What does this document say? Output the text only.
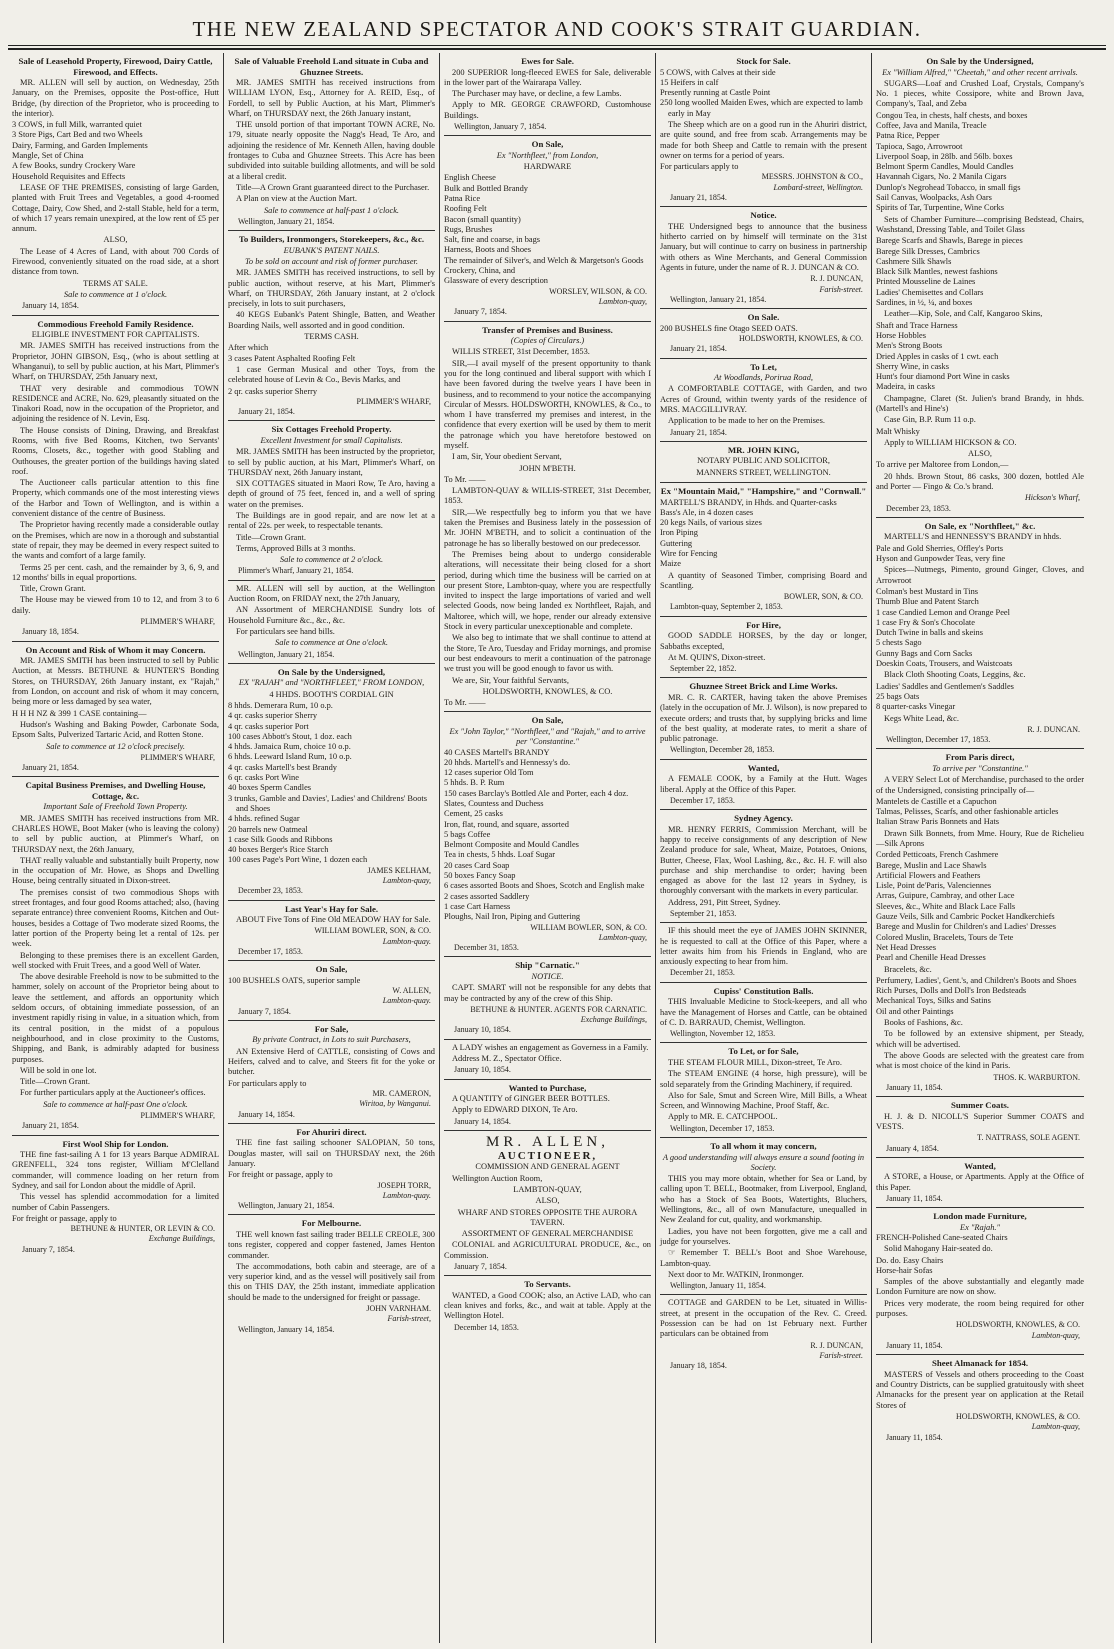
THE NEW ZEALAND SPECTATOR AND COOK'S STRAIT GUARDIAN.
Sale of Leasehold Property, Firewood, Dairy Cattle, Firewood, and Effects.
MR. ALLEN will sell by auction, on Wednesday, 25th January, on the Premises, opposite the Post-office, Hutt Bridge, (by direction of the Proprietor, who is proceeding to the interior).
3 COWS, in full Milk, warranted quiet
3 Store Pigs, Cart Bed and two Wheels
Dairy, Farming, and Garden Implements
Mangle, Set of China
A few Books, sundry Crockery Ware
Household Requisites and Effects
LEASE OF THE PREMISES, consisting of large Garden, planted with Fruit Trees and Vegetables, a good 4-roomed Cottage, Dairy, Cow Shed, and 2-stall Stable, held for a term, of which 17 years remain unexpired, at the low rent of £5 per annum.
ALSO,
The Lease of 4 Acres of Land, with about 700 Cords of Firewood, conveniently situated on the road side, at a short distance from town.
TERMS AT SALE.
Sale to commence at 1 o'clock.
January 14, 1854.
Commodious Freehold Family Residence.
ELIGIBLE INVESTMENT FOR CAPITALISTS.
MR. JAMES SMITH has received instructions from the Proprietor, JOHN GIBSON, Esq., (who is about settling at Whanganui), to sell by public auction, at his Mart, Plimmer's Wharf, on THURSDAY, 25th January next,
THAT very desirable and commodious TOWN RESIDENCE and ACRE, No. 629, pleasantly situated on the Tinakori Road, now in the occupation of the Proprietor, and adjoining the residence of N. Levin, Esq.
The House consists of Dining, Drawing, and Breakfast Rooms, with five Bed Rooms, Kitchen, two Servants' Rooms, Closets, &c., together with good Stabling and Outhouses, the greater portion of the buildings having slated roof.
The Auctioneer calls particular attention to this fine Property, which commands one of the most interesting views of the Harbor and Town of Wellington, and is within a convenient distance of the centre of Business.
The Proprietor having recently made a considerable outlay on the Premises, which are now in a thorough and substantial state of repair, they may be deemed in every respect suited to the wants and comfort of a large family.
Terms 25 per cent. cash, and the remainder by 3, 6, 9, and 12 months' bills in equal proportions.
Title, Crown Grant.
The House may be viewed from 10 to 12, and from 3 to 6 daily.
PLIMMER'S WHARF,
January 18, 1854.
On Account and Risk of Whom it may Concern.
MR. JAMES SMITH has been instructed to sell by Public Auction, at Messrs. BETHUNE & HUNTER'S Bonding Stores, on THURSDAY, 26th January instant, ex "Rajah," from London, on account and risk of whom it may concern, being more or less damaged by sea water,
H H H NZ & 399 1 CASE containing—
Hudson's Washing and Baking Powder, Carbonate Soda, Epsom Salts, Pulverized Tartaric Acid, and Rotten Stone.
Sale to commence at 12 o'clock precisely.
PLIMMER'S WHARF,
January 21, 1854.
Capital Business Premises, and Dwelling House, Cottage, &c.
Important Sale of Freehold Town Property.
MR. JAMES SMITH has received instructions from MR. CHARLES HOWE, Boot Maker (who is leaving the colony) to sell by public auction, at Plimmer's Wharf, on THURSDAY next, the 26th January,
THAT really valuable and substantially built Property, now in the occupation of Mr. Howe, as Shops and Dwelling House, being centrally situated in Dixon-street.
The premises consist of two commodious Shops with street frontages, and four good Rooms attached; also, (having separate entrance) three convenient Rooms, Kitchen and Out-houses, besides a Cottage of Two moderate sized Rooms, the latter portion of the Property being let a rental of 12s. per week.
Belonging to these premises there is an excellent Garden, well stocked with Fruit Trees, and a good Well of Water.
The above desirable Freehold is now to be submitted to the hammer, solely on account of the Proprietor being about to leave the settlement, and affords an opportunity which seldom occurs, of obtaining immediate possession, of an investment rapidly rising in value, in a situation which, from its central position, in the midst of a populous neighbourhood, and in close proximity to the Customs, Shipping, and Bank, is admirably adapted for business purposes.
Will be sold in one lot.
Title—Crown Grant.
For further particulars apply at the Auctioneer's offices.
Sale to commence at half-past One o'clock.
PLIMMER'S WHARF,
January 21, 1854.
First Wool Ship for London.
THE fine fast-sailing A 1 for 13 years Barque ADMIRAL GRENFELL, 324 tons register, William M'Clelland commander, will commence loading on her return from Sydney, and sail for London about the middle of April.
This vessel has splendid accommodation for a limited number of Cabin Passengers.
For freight or passage, apply to
BETHUNE & HUNTER, OR LEVIN & CO.
Exchange Buildings,
January 7, 1854.
Sale of Valuable Freehold Land situate in Cuba and Ghuznee Streets.
MR. JAMES SMITH has received instructions from WILLIAM LYON, Esq., Attorney for A. REID, Esq., of Fordell, to sell by Public Auction, at his Mart, Plimmer's Wharf, on THURSDAY next, the 26th January instant,
THE unsold portion of that important TOWN ACRE, No. 179, situate nearly opposite the Nagg's Head, Te Aro, and adjoining the residence of Mr. Kenneth Allen, having double frontages to Cuba and Ghuznee Streets. This Acre has been subdivided into suitable building allotments, and will be sold at a liberal credit.
Title—A Crown Grant guaranteed direct to the Purchaser.
A Plan on view at the Auction Mart.
Sale to commence at half-past 1 o'clock.
Wellington, January 21, 1854.
To Builders, Ironmongers, Storekeepers, &c., &c.
EUBANK'S PATENT NAILS.
To be sold on account and risk of former purchaser.
MR. JAMES SMITH has received instructions, to sell by public auction, without reserve, at his Mart, Plimmer's Wharf, on THURSDAY, 26th January instant, at 2 o'clock precisely, in lots to suit purchasers,
40 KEGS Eubank's Patent Shingle, Batten, and Weather Boarding Nails, well assorted and in good condition.
TERMS CASH.
After which
3 cases Patent Asphalted Roofing Felt
1 case German Musical and other Toys, from the celebrated house of Levin & Co., Bevis Marks, and
2 qr. casks superior Sherry
PLIMMER'S WHARF,
January 21, 1854.
Six Cottages Freehold Property.
Excellent Investment for small Capitalists.
MR. JAMES SMITH has been instructed by the proprietor, to sell by public auction, at his Mart, Plimmer's Wharf, on THURSDAY next, 26th January instant,
SIX COTTAGES situated in Maori Row, Te Aro, having a depth of ground of 75 feet, fenced in, and a well of spring water on the premises.
The Buildings are in good repair, and are now let at a rental of 22s. per week, to respectable tenants.
Title—Crown Grant.
Terms, Approved Bills at 3 months.
Sale to commence at 2 o'clock.
Plimmer's Wharf, January 21, 1854.
MR. ALLEN will sell by auction, at the Wellington Auction Room, on FRIDAY next, the 27th January,
AN Assortment of MERCHANDISE Sundry lots of Household Furniture &c., &c., &c.
For particulars see hand bills.
Sale to commence at One o'clock.
Wellington, January 21, 1854.
On Sale by the Undersigned,
EX "RAJAH" and "NORTHFLEET," FROM LONDON,
4 HHDS. BOOTH'S CORDIAL GIN
8 hhds. Demerara Rum, 10 o.p.
4 qr. casks superior Sherry
4 qr. casks superior Port
100 cases Abbott's Stout, 1 doz. each
4 hhds. Jamaica Rum, choice 10 o.p.
6 hhds. Leeward Island Rum, 10 o.p.
4 qr. casks Martell's best Brandy
6 qr. casks Port Wine
40 boxes Sperm Candles
3 trunks, Gamble and Davies', Ladies' and Childrens' Boots and Shoes
4 hhds. refined Sugar
20 barrels new Oatmeal
1 case Silk Goods and Ribbons
40 boxes Berger's Rice Starch
100 cases Page's Port Wine, 1 dozen each
JAMES KELHAM,
Lambton-quay,
December 23, 1853.
Last Year's Hay for Sale.
ABOUT Five Tons of Fine Old MEADOW HAY for Sale.
WILLIAM BOWLER, SON, & CO.
Lambton-quay.
December 17, 1853.
On Sale,
100 BUSHELS OATS, superior sample
W. ALLEN,
Lambton-quay.
January 7, 1854.
For Sale,
By private Contract, in Lots to suit Purchasers,
AN Extensive Herd of CATTLE, consisting of Cows and Heifers, calved and to calve, and Steers fit for the yoke or butcher.
For particulars apply to
MR. CAMERON,
Wiritoa, by Wanganui.
January 14, 1854.
For Ahuriri direct.
THE fine fast sailing schooner SALOPIAN, 50 tons, Douglas master, will sail on THURSDAY next, the 26th January.
For freight or passage, apply to
JOSEPH TORR,
Lambton-quay.
Wellington, January 21, 1854.
For Melbourne.
THE well known fast sailing trader BELLE CREOLE, 300 tons register, coppered and copper fastened, James Henton commander.
The accommodations, both cabin and steerage, are of a very superior kind, and as the vessel will positively sail from this on THIS DAY, the 25th instant, immediate application should be made to the undersigned for freight or passage.
JOHN VARNHAM.
Farish-street,
Wellington, January 14, 1854.
Ewes for Sale.
200 SUPERIOR long-fleeced EWES for Sale, deliverable in the lower part of the Wairarapa Valley.
The Purchaser may have, or decline, a few Lambs.
Apply to MR. GEORGE CRAWFORD, Customhouse Buildings.
Wellington, January 7, 1854.
On Sale,
Ex "Northfleet," from London,
HARDWARE
English Cheese
Bulk and Bottled Brandy
Patna Rice
Roofing Felt
Bacon (small quantity)
Rugs, Brushes
Salt, fine and coarse, in bags
Harness, Boots and Shoes
The remainder of Silver's, and Welch & Margetson's Goods
Crockery, China, and
Glassware of every description
WORSLEY, WILSON, & CO.
Lambton-quay,
January 7, 1854.
Transfer of Premises and Business.
(Copies of Circulars.)
WILLIS STREET, 31st December, 1853.
SIR,—I avail myself of the present opportunity to thank you for the long continued and liberal support with which I have been favored during the twelve years I have been in business, and to recommend to your notice the accompanying Circular of Messrs. HOLDSWORTH, KNOWLES, & Co., to whom I have transferred my premises and interest, in the confidence that every exertion will be used by them to merit the patronage which you have heretofore bestowed on myself.
I am, Sir, Your obedient Servant,
JOHN M'BETH.
To Mr. ——
LAMBTON-QUAY & WILLIS-STREET, 31st December, 1853.
SIR,—We respectfully beg to inform you that we have taken the Premises and Business lately in the possession of Mr. JOHN M'BETH, and to solicit a continuation of the patronage he has so liberally bestowed on our predecessor.
The Premises being about to undergo considerable alterations, will necessitate their being closed for a short period, during which time the business will be carried on at our present Store, Lambton-quay, where you are respectfully invited to inspect the large importations of varied and well selected Goods, now being landed ex Northfleet, Rajah, and Maltoree, which will, we hope, render our already extensive Stock in every particular unexceptionable and complete.
We also beg to intimate that we shall continue to attend at the Store, Te Aro, Tuesday and Friday mornings, and promise our best endeavours to merit a continuation of the patronage we trust you will be good enough to favor us with.
We are, Sir, Your faithful Servants,
HOLDSWORTH, KNOWLES, & CO.
To Mr. ——
On Sale,
Ex "John Taylor," "Northfleet," and "Rajah," and to arrive per "Constantine."
40 CASES Martell's BRANDY
20 hhds. Martell's and Hennessy's do.
12 cases superior Old Tom
5 hhds. B. P. Rum
150 cases Barclay's Bottled Ale and Porter, each 4 doz.
Slates, Countess and Duchess
Cement, 25 casks
Iron, flat, round, and square, assorted
5 bags Coffee
Belmont Composite and Mould Candles
Tea in chests, 5 hhds. Loaf Sugar
20 cases Card Soap
50 boxes Fancy Soap
6 cases assorted Boots and Shoes, Scotch and English make
2 cases assorted Saddlery
1 case Cart Harness
Ploughs, Nail Iron, Piping and Guttering
WILLIAM BOWLER, SON, & CO.
Lambton-quay,
December 31, 1853.
Ship "Carnatic."
NOTICE.
CAPT. SMART will not be responsible for any debts that may be contracted by any of the crew of this Ship.
BETHUNE & HUNTER. AGENTS FOR CARNATIC.
Exchange Buildings,
January 10, 1854.
A LADY wishes an engagement as Governess in a Family.
Address M. Z., Spectator Office.
January 10, 1854.
Wanted to Purchase,
A QUANTITY of GINGER BEER BOTTLES.
Apply to EDWARD DIXON, Te Aro.
January 14, 1854.
MR. ALLEN,
AUCTIONEER,
COMMISSION AND GENERAL AGENT
Wellington Auction Room,
LAMBTON-QUAY,
ALSO,
WHARF AND STORES OPPOSITE THE AURORA TAVERN.
ASSORTMENT OF GENERAL MERCHANDISE
COLONIAL and AGRICULTURAL PRODUCE, &c., on Commission.
January 7, 1854.
To Servants.
WANTED, a Good COOK; also, an Active LAD, who can clean knives and forks, &c., and wait at table. Apply at the Wellington Hotel.
December 14, 1853.
Stock for Sale.
5 COWS, with Calves at their side
15 Heifers in calf
Presently running at Castle Point
250 long woolled Maiden Ewes, which are expected to lamb early in May
The Sheep which are on a good run in the Ahuriri district, are quite sound, and free from scab. Arrangements may be made for both Sheep and Cattle to remain with the present owner on terms for a period of years.
For particulars apply to
MESSRS. JOHNSTON & CO.,
Lombard-street, Wellington.
January 21, 1854.
Notice.
THE Undersigned begs to announce that the business hitherto carried on by himself will terminate on the 31st January, but will continue to carry on business in partnership with others as Wine Merchants, and General Commission Agents in future, under the name of R. J. DUNCAN & CO.
R. J. DUNCAN,
Farish-street.
Wellington, January 21, 1854.
On Sale.
200 BUSHELS fine Otago SEED OATS.
HOLDSWORTH, KNOWLES, & CO.
January 21, 1854.
To Let,
At Woodlands, Porirua Road,
A COMFORTABLE COTTAGE, with Garden, and two Acres of Ground, within twenty yards of the residence of MRS. MACGILLIVRAY.
Application to be made to her on the Premises.
January 21, 1854.
MR. JOHN KING,
NOTARY PUBLIC AND SOLICITOR,
MANNERS STREET, WELLINGTON.
Ex "Mountain Maid," "Hampshire," and "Cornwall."
MARTELL'S BRANDY, in Hhds. and Quarter-casks
Bass's Ale, in 4 dozen cases
20 kegs Nails, of various sizes
Iron Piping
Guttering
Wire for Fencing
Maize
A quantity of Seasoned Timber, comprising Board and Scantling.
BOWLER, SON, & CO.
Lambton-quay, September 2, 1853.
For Hire,
GOOD SADDLE HORSES, by the day or longer, Sabbaths excepted,
At M. QUIN'S, Dixon-street.
September 22, 1852.
Ghuznee Street Brick and Lime Works.
MR. C. R. CARTER, having taken the above Premises (lately in the occupation of Mr. J. Wilson), is now prepared to execute orders; and trusts that, by supplying bricks and lime of the best quality, at moderate rates, to merit a share of public patronage.
Wellington, December 28, 1853.
Wanted,
A FEMALE COOK, by a Family at the Hutt. Wages liberal. Apply at the Office of this Paper.
December 17, 1853.
Sydney Agency.
MR. HENRY FERRIS, Commission Merchant, will be happy to receive consignments of any description of New Zealand produce for sale, Wheat, Maize, Potatoes, Onions, Butter, Cheese, Flax, Wool Lashing, &c., &c. H. F. will also purchase and ship merchandise to order; having been engaged as above for the last 12 years in Sydney, is thoroughly conversant with the markets in every particular.
Address, 291, Pitt Street, Sydney.
September 21, 1853.
IF this should meet the eye of JAMES JOHN SKINNER, he is requested to call at the Office of this Paper, where a letter awaits him from his Friends in England, who are anxiously expecting to hear from him.
December 21, 1853.
Cupiss' Constitution Balls.
THIS Invaluable Medicine to Stock-keepers, and all who have the Management of Horses and Cattle, can be obtained of C. D. BARRAUD, Chemist, Wellington.
Wellington, November 12, 1853.
To Let, or for Sale,
THE STEAM FLOUR MILL, Dixon-street, Te Aro.
The STEAM ENGINE (4 horse, high pressure), will be sold separately from the Grinding Machinery, if required.
Also for Sale, Smut and Screen Wire, Mill Bills, a Wheat Screen, and Winnowing Machine, Proof Staff, &c.
Apply to MR. E. CATCHPOOL.
Wellington, December 17, 1853.
To all whom it may concern,
A good understanding will always ensure a sound footing in Society.
THIS you may more obtain, whether for Sea or Land, by calling upon T. BELL, Bootmaker, from Liverpool, England, who has a Stock of Sea Boots, Watertights, Bluchers, Wellingtons, &c., all of own Manufacture, unequalled in New Zealand for cut, quality, and workmanship.
Ladies, you have not been forgotten, give me a call and judge for yourselves.
☞ Remember T. BELL's Boot and Shoe Warehouse, Lambton-quay.
Next door to Mr. WATKIN, Ironmonger.
Wellington, January 11, 1854.
COTTAGE and GARDEN to be Let, situated in Willis-street, at present in the occupation of the Rev. C. Creed. Possession can be had on 1st February next. Further particulars can be obtained from
R. J. DUNCAN,
Farish-street.
January 18, 1854.
On Sale by the Undersigned,
Ex "William Alfred," "Cheetah," and other recent arrivals.
SUGARS—Loaf and Crushed Loaf, Crystals, Company's No. 1 pieces, white Cossipore, white and Brown Java, Company's, Taal, and Zeba
Congou Tea, in chests, half chests, and boxes
Coffee, Java and Manila, Treacle
Patna Rice, Pepper
Tapioca, Sago, Arrowroot
Liverpool Soap, in 28lb. and 56lb. boxes
Belmont Sperm Candles, Mould Candles
Havannah Cigars, No. 2 Manila Cigars
Dunlop's Negrohead Tobacco, in small figs
Sail Canvas, Woolpacks, Ash Oars
Spirits of Tar, Turpentine, Wine Corks
Sets of Chamber Furniture—comprising Bedstead, Chairs, Washstand, Dressing Table, and Toilet Glass
Barege Scarfs and Shawls, Barege in pieces
Barege Silk Dresses, Cambrics
Cashmere Silk Shawls
Black Silk Mantles, newest fashions
Printed Mousseline de Laines
Ladies' Chemisettes and Collars
Sardines, in ½, ¼, and boxes
Leather—Kip, Sole, and Calf, Kangaroo Skins,
Shaft and Trace Harness
Horse Hobbles
Men's Strong Boots
Dried Apples in casks of 1 cwt. each
Sherry Wine, in casks
Hunt's four diamond Port Wine in casks
Madeira, in casks
Champagne, Claret (St. Julien's brand Brandy, in hhds. (Martell's and Hine's)
Case Gin, B.P. Rum 11 o.p.
Malt Whisky
Apply to WILLIAM HICKSON & CO.
ALSO,
To arrive per Maltoree from London,—
20 hhds. Brown Stout, 86 casks, 300 dozen, bottled Ale and Porter — Fingo & Co.'s brand.
Hickson's Wharf,
December 23, 1853.
On Sale, ex "Northfleet," &c.
MARTELL'S and HENNESSY'S BRANDY in hhds.
Pale and Gold Sherries, Offley's Ports
Hyson and Gunpowder Teas, very fine
Spices—Nutmegs, Pimento, ground Ginger, Cloves, and Arrowroot
Colman's best Mustard in Tins
Thumb Blue and Patent Starch
1 case Candied Lemon and Orange Peel
1 case Fry & Son's Chocolate
Dutch Twine in balls and skeins
5 chests Sago
Gunny Bags and Corn Sacks
Doeskin Coats, Trousers, and Waistcoats
Black Cloth Shooting Coats, Leggins, &c.
Ladies' Saddles and Gentlemen's Saddles
25 bags Oats
8 quarter-casks Vinegar
Kegs White Lead, &c.
R. J. DUNCAN.
Wellington, December 17, 1853.
From Paris direct,
To arrive per "Constantine."
A VERY Select Lot of Merchandise, purchased to the order of the Undersigned, consisting principally of—
Mantelets de Castille et a Capuchon
Talmas, Pelisses, Scarfs, and other fashionable articles
Italian Straw Paris Bonnets and Hats
Drawn Silk Bonnets, from Mme. Houry, Rue de Richelieu—Silk Aprons
Corded Petticoats, French Cashmere
Barege, Muslin and Lace Shawls
Artificial Flowers and Feathers
Lisle, Point de'Paris, Valenciennes
Arras, Guipure, Cambray, and other Lace
Sleeves, &c., White and Black Lace Falls
Gauze Veils, Silk and Cambric Pocket Handkerchiefs
Barege and Muslin for Children's and Ladies' Dresses
Colored Muslin, Bracelets, Tours de Tete
Net Head Dresses
Pearl and Chenille Head Dresses
Bracelets, &c.
Perfumery, Ladies', Gent.'s, and Children's Boots and Shoes
Rich Purses, Dolls and Doll's Iron Bedsteads
Mechanical Toys, Silks and Satins
Oil and other Paintings
Books of Fashions, &c.
To be followed by an extensive shipment, per Steady, which will be advertised.
The above Goods are selected with the greatest care from what is most choice of the kind in Paris.
THOS. K. WARBURTON.
January 11, 1854.
Summer Coats.
H. J. & D. NICOLL'S Superior Summer COATS and VESTS.
T. NATTRASS, SOLE AGENT.
January 4, 1854.
Wanted,
A STORE, a House, or Apartments. Apply at the Office of this Paper.
January 11, 1854.
London made Furniture,
Ex "Rajah."
FRENCH-Polished Cane-seated Chairs
Solid Mahogany Hair-seated do.
Do. do. Easy Chairs
Horse-hair Sofas
Samples of the above substantially and elegantly made London Furniture are now on show.
Prices very moderate, the room being required for other purposes.
HOLDSWORTH, KNOWLES, & CO.
Lambton-quay,
January 11, 1854.
Sheet Almanack for 1854.
MASTERS of Vessels and others proceeding to the Coast and Country Districts, can be supplied gratuitously with sheet Almanacks for the present year on application at the Retail Stores of
HOLDSWORTH, KNOWLES, & CO.
Lambton-quay,
January 11, 1854.
